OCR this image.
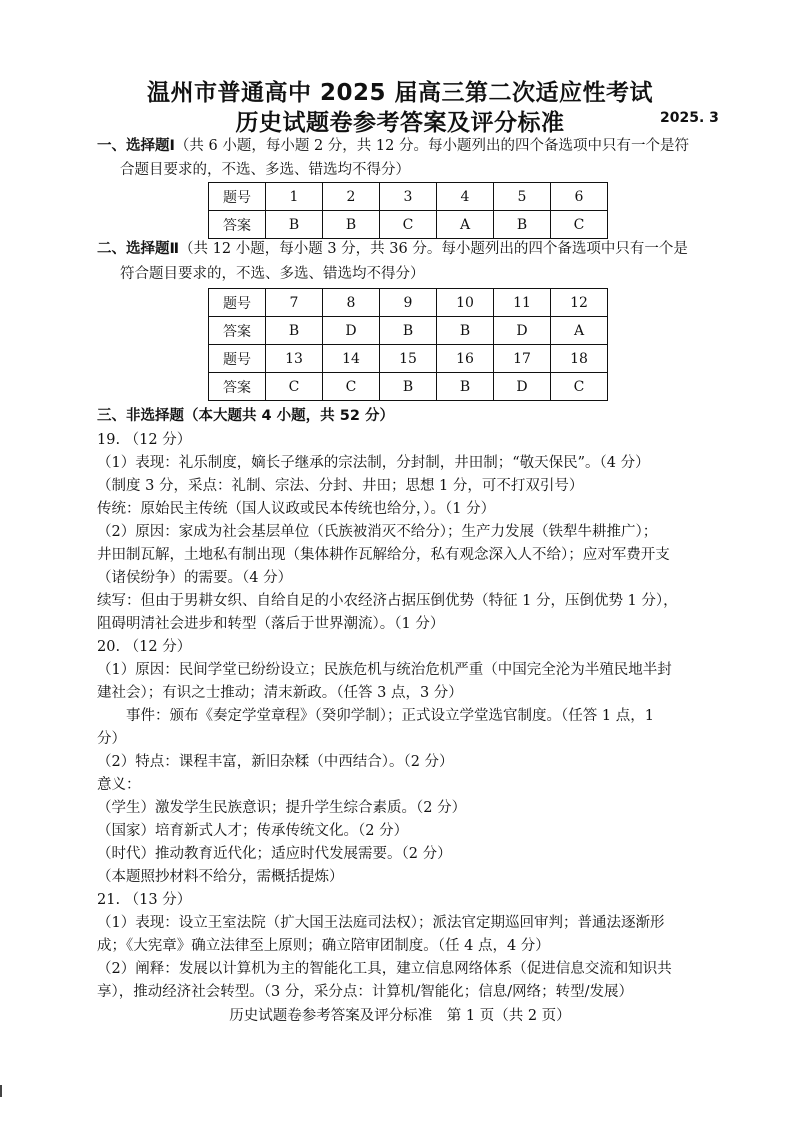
温州市普通高中 2025 届高三第二次适应性考试
历史试题卷参考答案及评分标准	2025. 3
一、选择题Ⅰ（共 6 小题，每小题 2 分，共 12 分。每小题列出的四个备选项中只有一个是符
合题目要求的，不选、多选、错选均不得分）
题号	1	2	3	4	5	6
答案	B	B	C	A	B	C
二、选择题Ⅱ（共 12 小题，每小题 3 分，共 36 分。每小题列出的四个备选项中只有一个是
符合题目要求的，不选、多选、错选均不得分）
题号	7	8	9	10	11	12
答案	B	D	B	B	D	A
题号	13	14	15	16	17	18
答案	C	C	B	B	D	C
三、非选择题（本大题共 4 小题，共 52 分）
19. （12 分）
（1）表现：礼乐制度，嫡长子继承的宗法制，分封制，井田制；“敬天保民”。（4 分）
（制度 3 分，采点：礼制、宗法、分封、井田；思想 1 分，可不打双引号）
传统：原始民主传统（国人议政或民本传统也给分，）。（1 分）
（2）原因：家成为社会基层单位（氏族被消灭不给分）；生产力发展（铁犁牛耕推广）；
井田制瓦解，土地私有制出现（集体耕作瓦解给分，私有观念深入人不给）；应对军费开支
（诸侯纷争）的需要。（4 分）
续写：但由于男耕女织、自给自足的小农经济占据压倒优势（特征 1 分，压倒优势 1 分），
阻碍明清社会进步和转型（落后于世界潮流）。（1 分）
20. （12 分）
（1）原因：民间学堂已纷纷设立；民族危机与统治危机严重（中国完全沦为半殖民地半封
建社会）；有识之士推动；清末新政。（任答 3 点，3 分）
　　事件：颁布《奏定学堂章程》（癸卯学制）；正式设立学堂选官制度。（任答 1 点，1
分）
（2）特点：课程丰富，新旧杂糅（中西结合）。（2 分）
意义：
（学生）激发学生民族意识；提升学生综合素质。（2 分）
（国家）培育新式人才；传承传统文化。（2 分）
（时代）推动教育近代化；适应时代发展需要。（2 分）
（本题照抄材料不给分，需概括提炼）
21. （13 分）
（1）表现：设立王室法院（扩大国王法庭司法权）；派法官定期巡回审判；普通法逐渐形
成；《大宪章》确立法律至上原则；确立陪审团制度。（任 4 点，4 分）
（2）阐释：发展以计算机为主的智能化工具，建立信息网络体系（促进信息交流和知识共
享），推动经济社会转型。（3 分，采分点：计算机/智能化；信息/网络；转型/发展）
历史试题卷参考答案及评分标准　第 1 页（共 2 页）
